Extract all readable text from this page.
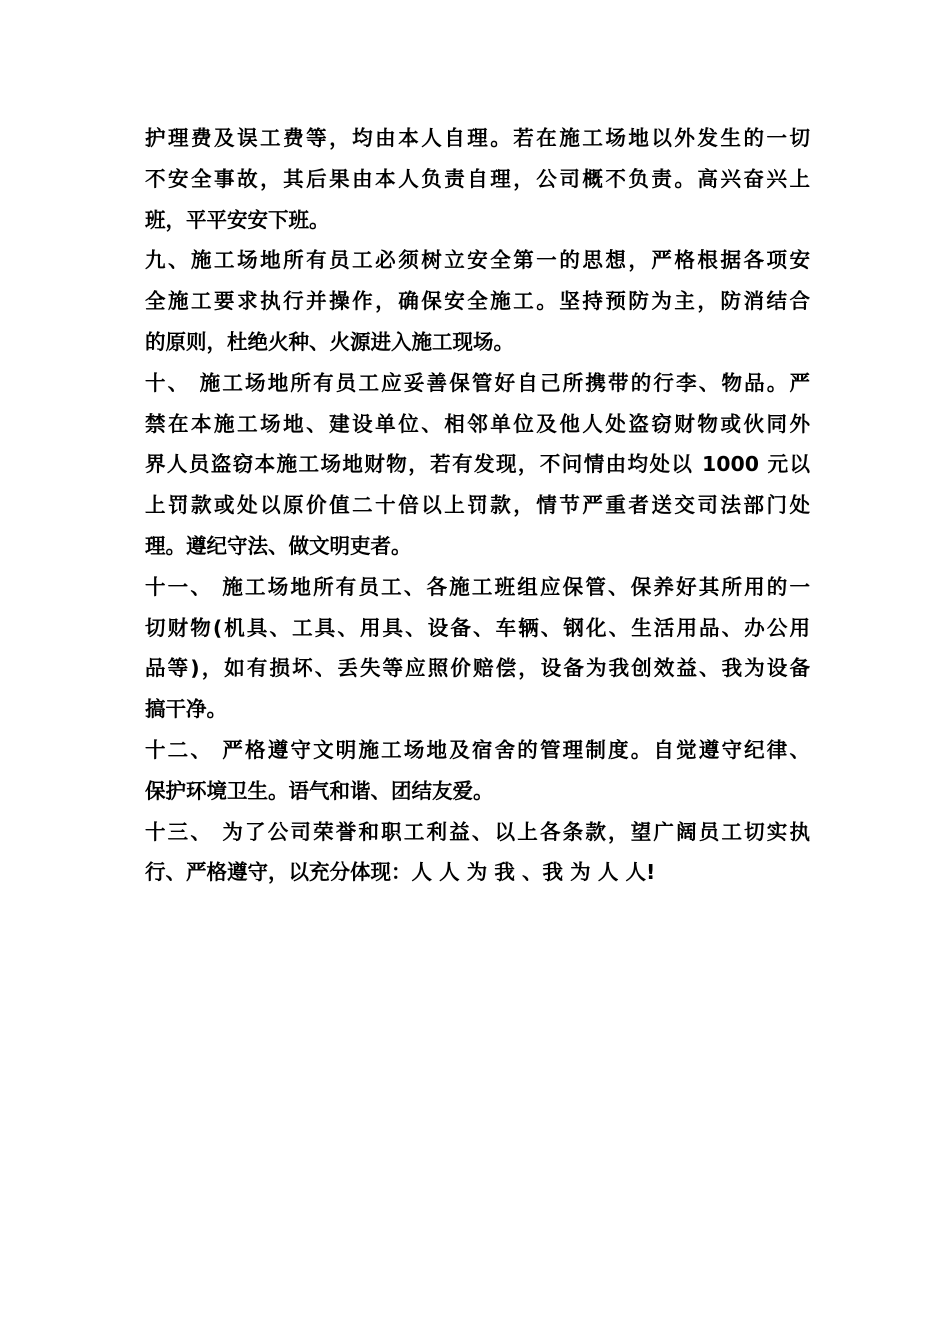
护理费及误工费等，均由本人自理。若在施工场地以外发生的一切
不安全事故，其后果由本人负责自理，公司概不负责。高兴奋兴上
班，平平安安下班。
九、施工场地所有员工必须树立安全第一的思想，严格根据各项安
全施工要求执行并操作，确保安全施工。坚持预防为主，防消结合
的原则，杜绝火种、火源进入施工现场。
十、 施工场地所有员工应妥善保管好自己所携带的行李、物品。严
禁在本施工场地、建设单位、相邻单位及他人处盗窃财物或伙同外
界人员盗窃本施工场地财物，若有发现，不问情由均处以 1000 元以
上罚款或处以原价值二十倍以上罚款，情节严重者送交司法部门处
理。遵纪守法、做文明吏者。
十一、 施工场地所有员工、各施工班组应保管、保养好其所用的一
切财物(机具、工具、用具、设备、车辆、钢化、生活用品、办公用
品等)，如有损坏、丢失等应照价赔偿，设备为我创效益、我为设备
搞干净。
十二、 严格遵守文明施工场地及宿舍的管理制度。自觉遵守纪律、
保护环境卫生。语气和谐、团结友爱。
十三、 为了公司荣誉和职工利益、以上各条款，望广阔员工切实执
行、严格遵守，以充分体现：人 人 为 我 、我 为 人 人!
